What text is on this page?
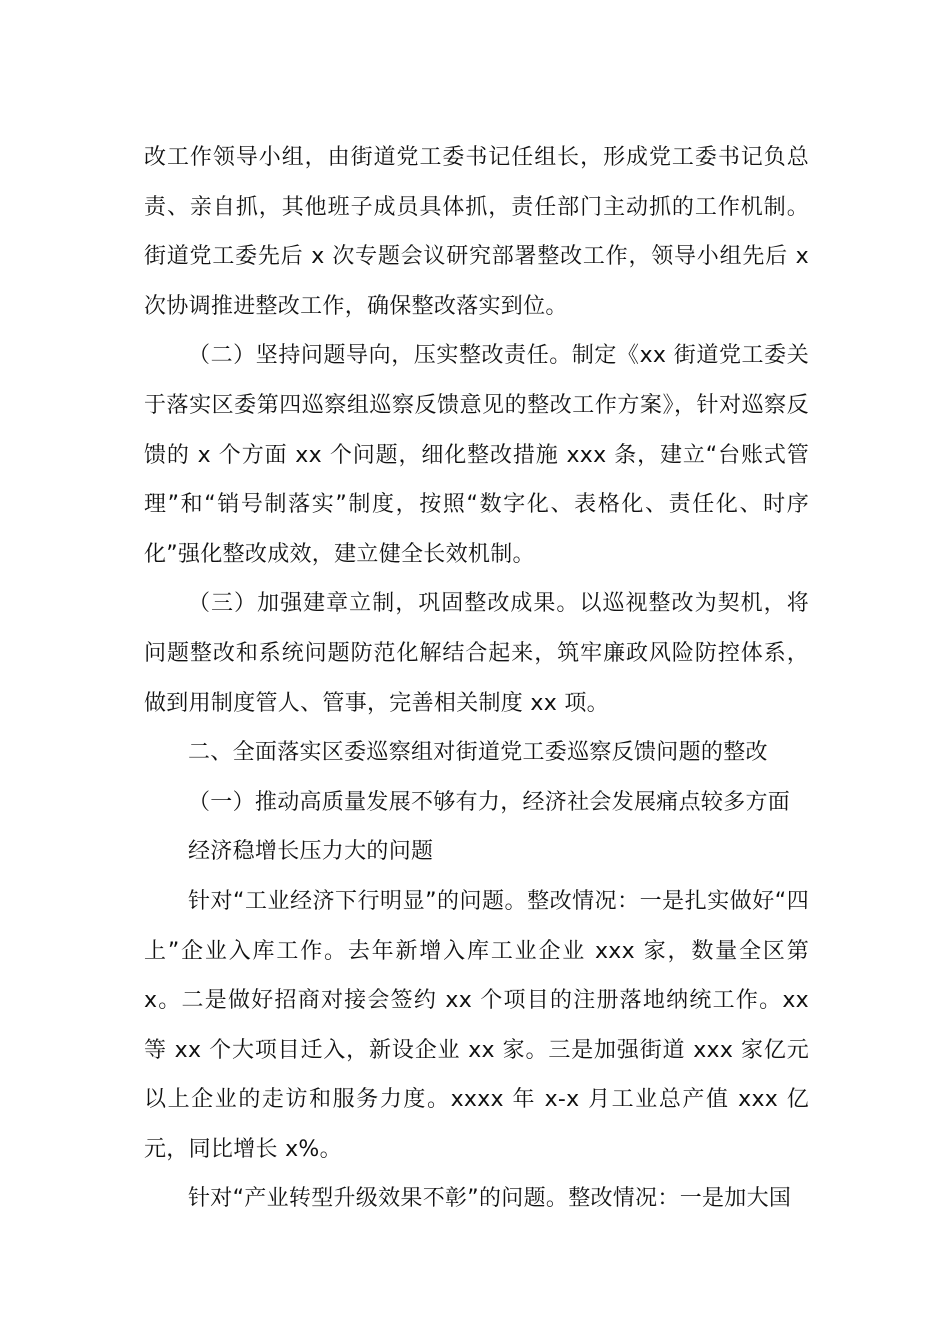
改工作领导小组，由街道党工委书记任组长，形成党工委书记负总责、亲自抓，其他班子成员具体抓，责任部门主动抓的工作机制。街道党工委先后 x 次专题会议研究部署整改工作，领导小组先后 x 次协调推进整改工作，确保整改落实到位。

（二）坚持问题导向，压实整改责任。制定《xx 街道党工委关于落实区委第四巡察组巡察反馈意见的整改工作方案》，针对巡察反馈的 x 个方面 xx 个问题，细化整改措施 xxx 条，建立“台账式管理”和“销号制落实”制度，按照“数字化、表格化、责任化、时序化”强化整改成效，建立健全长效机制。

（三）加强建章立制，巩固整改成果。以巡视整改为契机，将问题整改和系统问题防范化解结合起来，筑牢廉政风险防控体系，做到用制度管人、管事，完善相关制度 xx 项。

二、全面落实区委巡察组对街道党工委巡察反馈问题的整改

（一）推动高质量发展不够有力，经济社会发展痛点较多方面

经济稳增长压力大的问题

针对“工业经济下行明显”的问题。整改情况：一是扎实做好“四上”企业入库工作。去年新增入库工业企业 xxx 家，数量全区第 x。二是做好招商对接会签约 xx 个项目的注册落地纳统工作。xx 等 xx 个大项目迁入，新设企业 xx 家。三是加强街道 xxx 家亿元以上企业的走访和服务力度。xxxx 年 x-x 月工业总产值 xxx 亿元，同比增长 x%。

针对“产业转型升级效果不彰”的问题。整改情况：一是加大国
